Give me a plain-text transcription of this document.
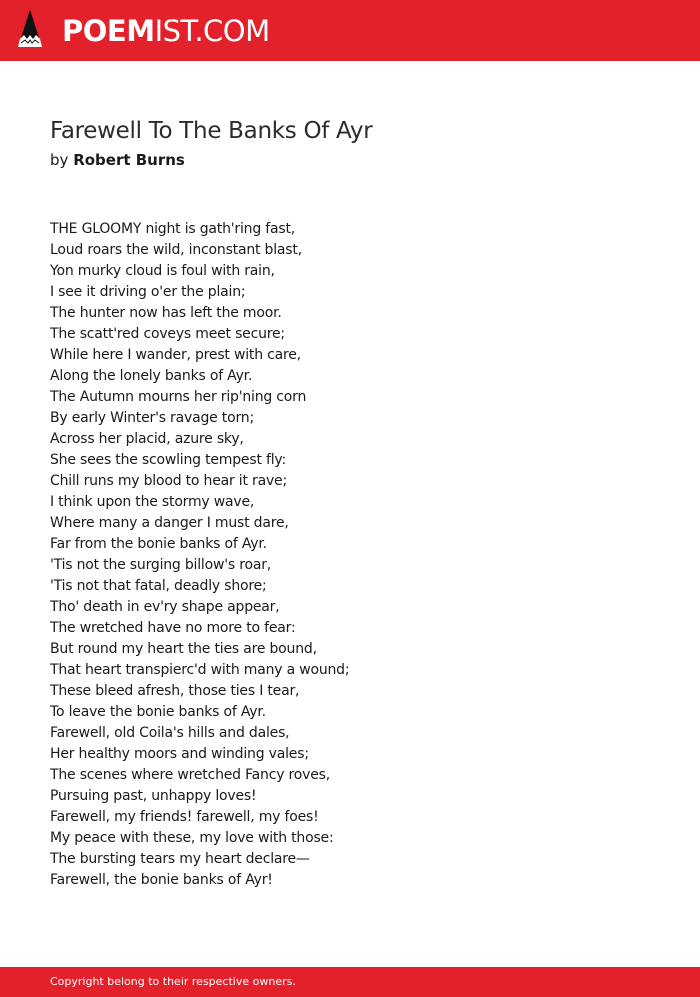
POEMIST.COM
Farewell To The Banks Of Ayr
by Robert Burns
THE GLOOMY night is gath'ring fast,
Loud roars the wild, inconstant blast,
Yon murky cloud is foul with rain,
I see it driving o'er the plain;
The hunter now has left the moor.
The scatt'red coveys meet secure;
While here I wander, prest with care,
Along the lonely banks of Ayr.
The Autumn mourns her rip'ning corn
By early Winter's ravage torn;
Across her placid, azure sky,
She sees the scowling tempest fly:
Chill runs my blood to hear it rave;
I think upon the stormy wave,
Where many a danger I must dare,
Far from the bonie banks of Ayr.
'Tis not the surging billow's roar,
'Tis not that fatal, deadly shore;
Tho' death in ev'ry shape appear,
The wretched have no more to fear:
But round my heart the ties are bound,
That heart transpierc'd with many a wound;
These bleed afresh, those ties I tear,
To leave the bonie banks of Ayr.
Farewell, old Coila's hills and dales,
Her healthy moors and winding vales;
The scenes where wretched Fancy roves,
Pursuing past, unhappy loves!
Farewell, my friends! farewell, my foes!
My peace with these, my love with those:
The bursting tears my heart declare—
Farewell, the bonie banks of Ayr!
Copyright belong to their respective owners.
